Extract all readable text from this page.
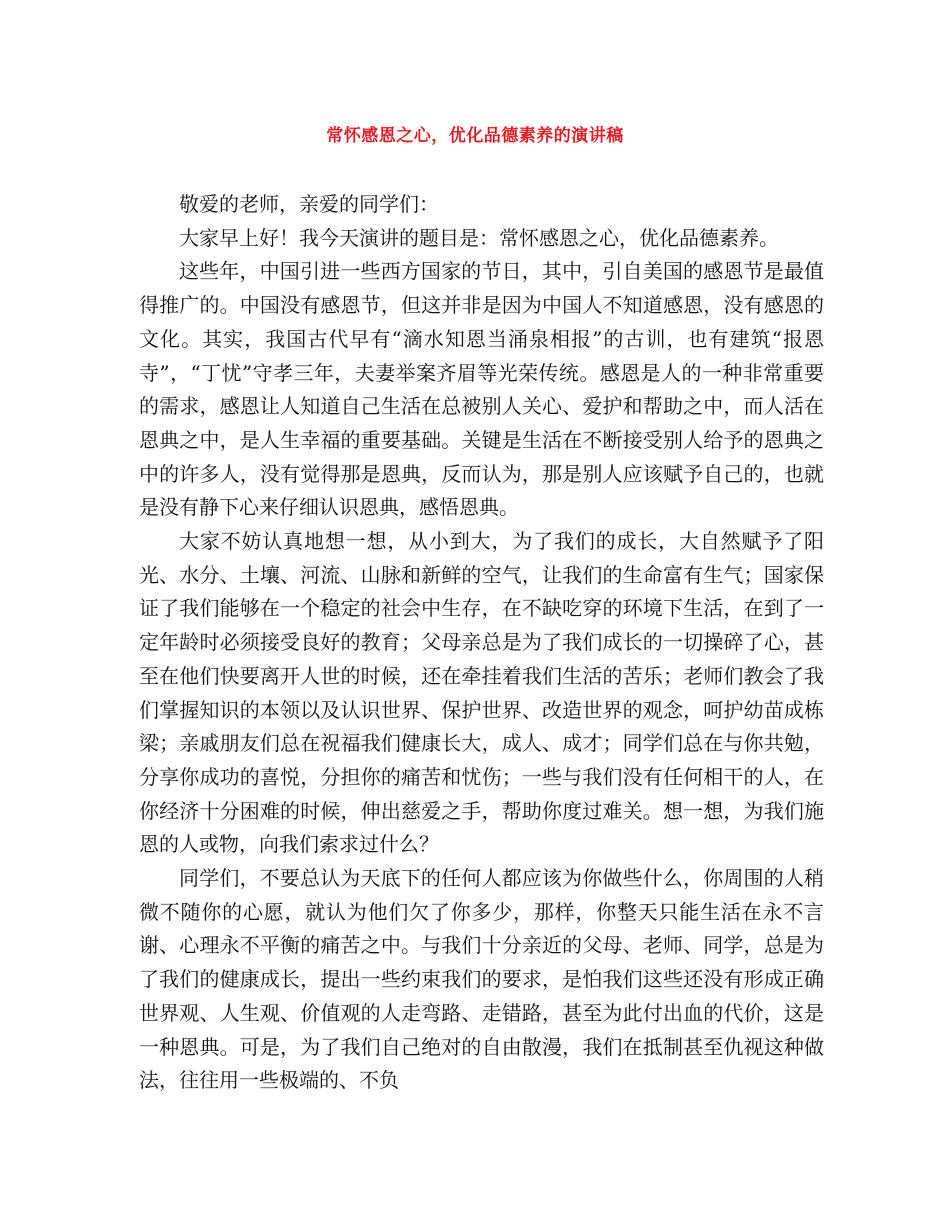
常怀感恩之心，优化品德素养的演讲稿

敬爱的老师，亲爱的同学们：

大家早上好！我今天演讲的题目是：常怀感恩之心，优化品德素养。

这些年，中国引进一些西方国家的节日，其中，引自美国的感恩节是最值得推广的。中国没有感恩节，但这并非是因为中国人不知道感恩，没有感恩的文化。其实，我国古代早有“滴水知恩当涌泉相报”的古训，也有建筑“报恩寺”，“丁忧”守孝三年，夫妻举案齐眉等光荣传统。感恩是人的一种非常重要的需求，感恩让人知道自己生活在总被别人关心、爱护和帮助之中，而人活在恩典之中，是人生幸福的重要基础。关键是生活在不断接受别人给予的恩典之中的许多人，没有觉得那是恩典，反而认为，那是别人应该赋予自己的，也就是没有静下心来仔细认识恩典，感悟恩典。

大家不妨认真地想一想，从小到大，为了我们的成长，大自然赋予了阳光、水分、土壤、河流、山脉和新鲜的空气，让我们的生命富有生气；国家保证了我们能够在一个稳定的社会中生存，在不缺吃穿的环境下生活，在到了一定年龄时必须接受良好的教育；父母亲总是为了我们成长的一切操碎了心，甚至在他们快要离开人世的时候，还在牵挂着我们生活的苦乐；老师们教会了我们掌握知识的本领以及认识世界、保护世界、改造世界的观念，呵护幼苗成栋梁；亲戚朋友们总在祝福我们健康长大，成人、成才；同学们总在与你共勉，分享你成功的喜悦，分担你的痛苦和忧伤；一些与我们没有任何相干的人，在你经济十分困难的时候，伸出慈爱之手，帮助你度过难关。想一想，为我们施恩的人或物，向我们索求过什么？

同学们，不要总认为天底下的任何人都应该为你做些什么，你周围的人稍微不随你的心愿，就认为他们欠了你多少，那样，你整天只能生活在永不言谢、心理永不平衡的痛苦之中。与我们十分亲近的父母、老师、同学，总是为了我们的健康成长，提出一些约束我们的要求，是怕我们这些还没有形成正确世界观、人生观、价值观的人走弯路、走错路，甚至为此付出血的代价，这是一种恩典。可是，为了我们自己绝对的自由散漫，我们在抵制甚至仇视这种做法，往往用一些极端的、不负
